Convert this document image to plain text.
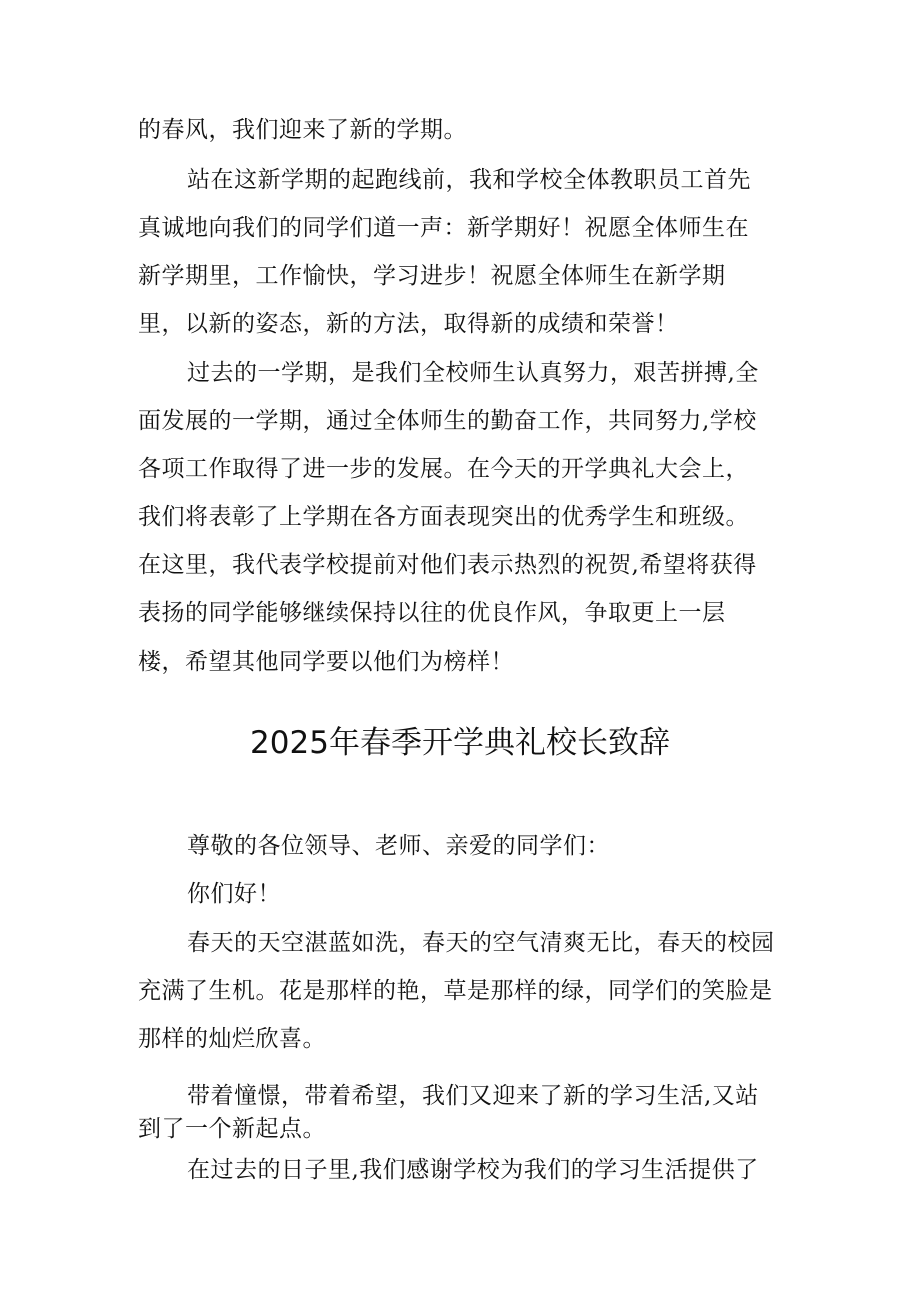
的春风，我们迎来了新的学期。
站在这新学期的起跑线前，我和学校全体教职员工首先
真诚地向我们的同学们道一声：新学期好！祝愿全体师生在
新学期里，工作愉快，学习进步！祝愿全体师生在新学期
里，以新的姿态，新的方法，取得新的成绩和荣誉！
过去的一学期，是我们全校师生认真努力，艰苦拼搏,全
面发展的一学期，通过全体师生的勤奋工作，共同努力,学校
各项工作取得了进一步的发展。在今天的开学典礼大会上，
我们将表彰了上学期在各方面表现突出的优秀学生和班级。
在这里，我代表学校提前对他们表示热烈的祝贺,希望将获得
表扬的同学能够继续保持以往的优良作风，争取更上一层
楼，希望其他同学要以他们为榜样！
2025年春季开学典礼校长致辞
尊敬的各位领导、老师、亲爱的同学们：
你们好！
春天的天空湛蓝如洗，春天的空气清爽无比，春天的校园
充满了生机。花是那样的艳，草是那样的绿，同学们的笑脸是
那样的灿烂欣喜。
带着憧憬，带着希望，我们又迎来了新的学习生活,又站
到了一个新起点。
在过去的日子里,我们感谢学校为我们的学习生活提供了
